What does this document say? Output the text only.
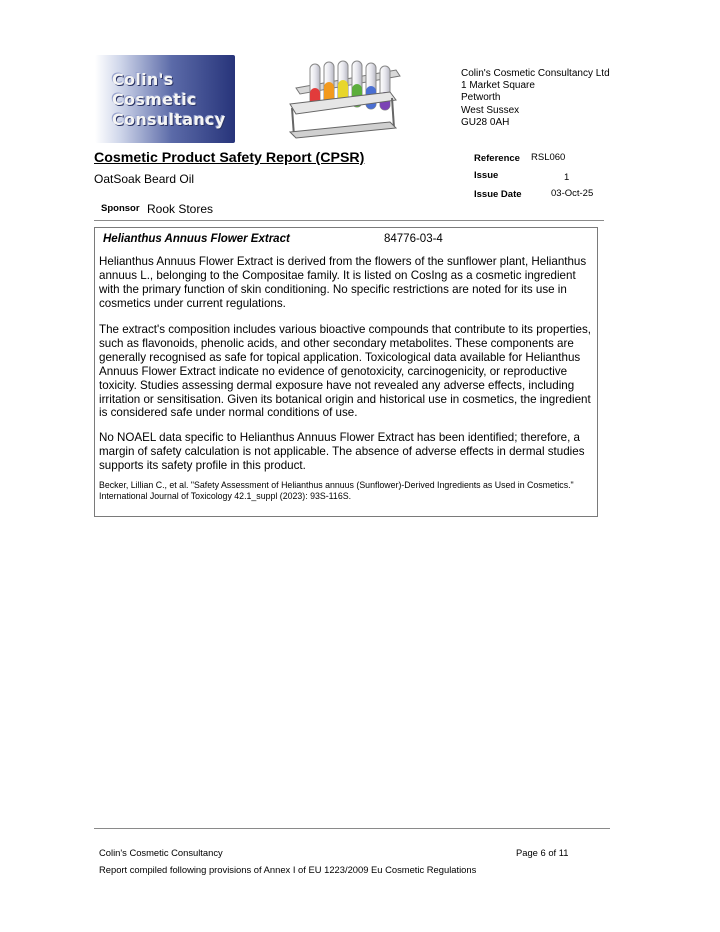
Colin's
Cosmetic
Consultancy
Colin's Cosmetic Consultancy Ltd
1 Market Square
Petworth
West Sussex
GU28 0AH
Cosmetic Product Safety Report (CPSR)
OatSoak Beard Oil
Sponsor Rook Stores
Reference RSL060
Issue	1
Issue Date	03-Oct-25
Helianthus Annuus Flower Extract	84776-03-4

Helianthus Annuus Flower Extract is derived from the flowers of the sunflower plant, Helianthus annuus L., belonging to the Compositae family. It is listed on CosIng as a cosmetic ingredient with the primary function of skin conditioning. No specific restrictions are noted for its use in cosmetics under current regulations.

The extract's composition includes various bioactive compounds that contribute to its properties, such as flavonoids, phenolic acids, and other secondary metabolites. These components are generally recognised as safe for topical application. Toxicological data available for Helianthus Annuus Flower Extract indicate no evidence of genotoxicity, carcinogenicity, or reproductive toxicity. Studies assessing dermal exposure have not revealed any adverse effects, including irritation or sensitisation. Given its botanical origin and historical use in cosmetics, the ingredient is considered safe under normal conditions of use.

No NOAEL data specific to Helianthus Annuus Flower Extract has been identified; therefore, a margin of safety calculation is not applicable. The absence of adverse effects in dermal studies supports its safety profile in this product.

Becker, Lillian C., et al. "Safety Assessment of Helianthus annuus (Sunflower)-Derived Ingredients as Used in Cosmetics." International Journal of Toxicology 42.1_suppl (2023): 93S-116S.

Colin's Cosmetic Consultancy	Page 6 of 11
Report compiled following provisions of Annex I of EU 1223/2009 Eu Cosmetic Regulations
